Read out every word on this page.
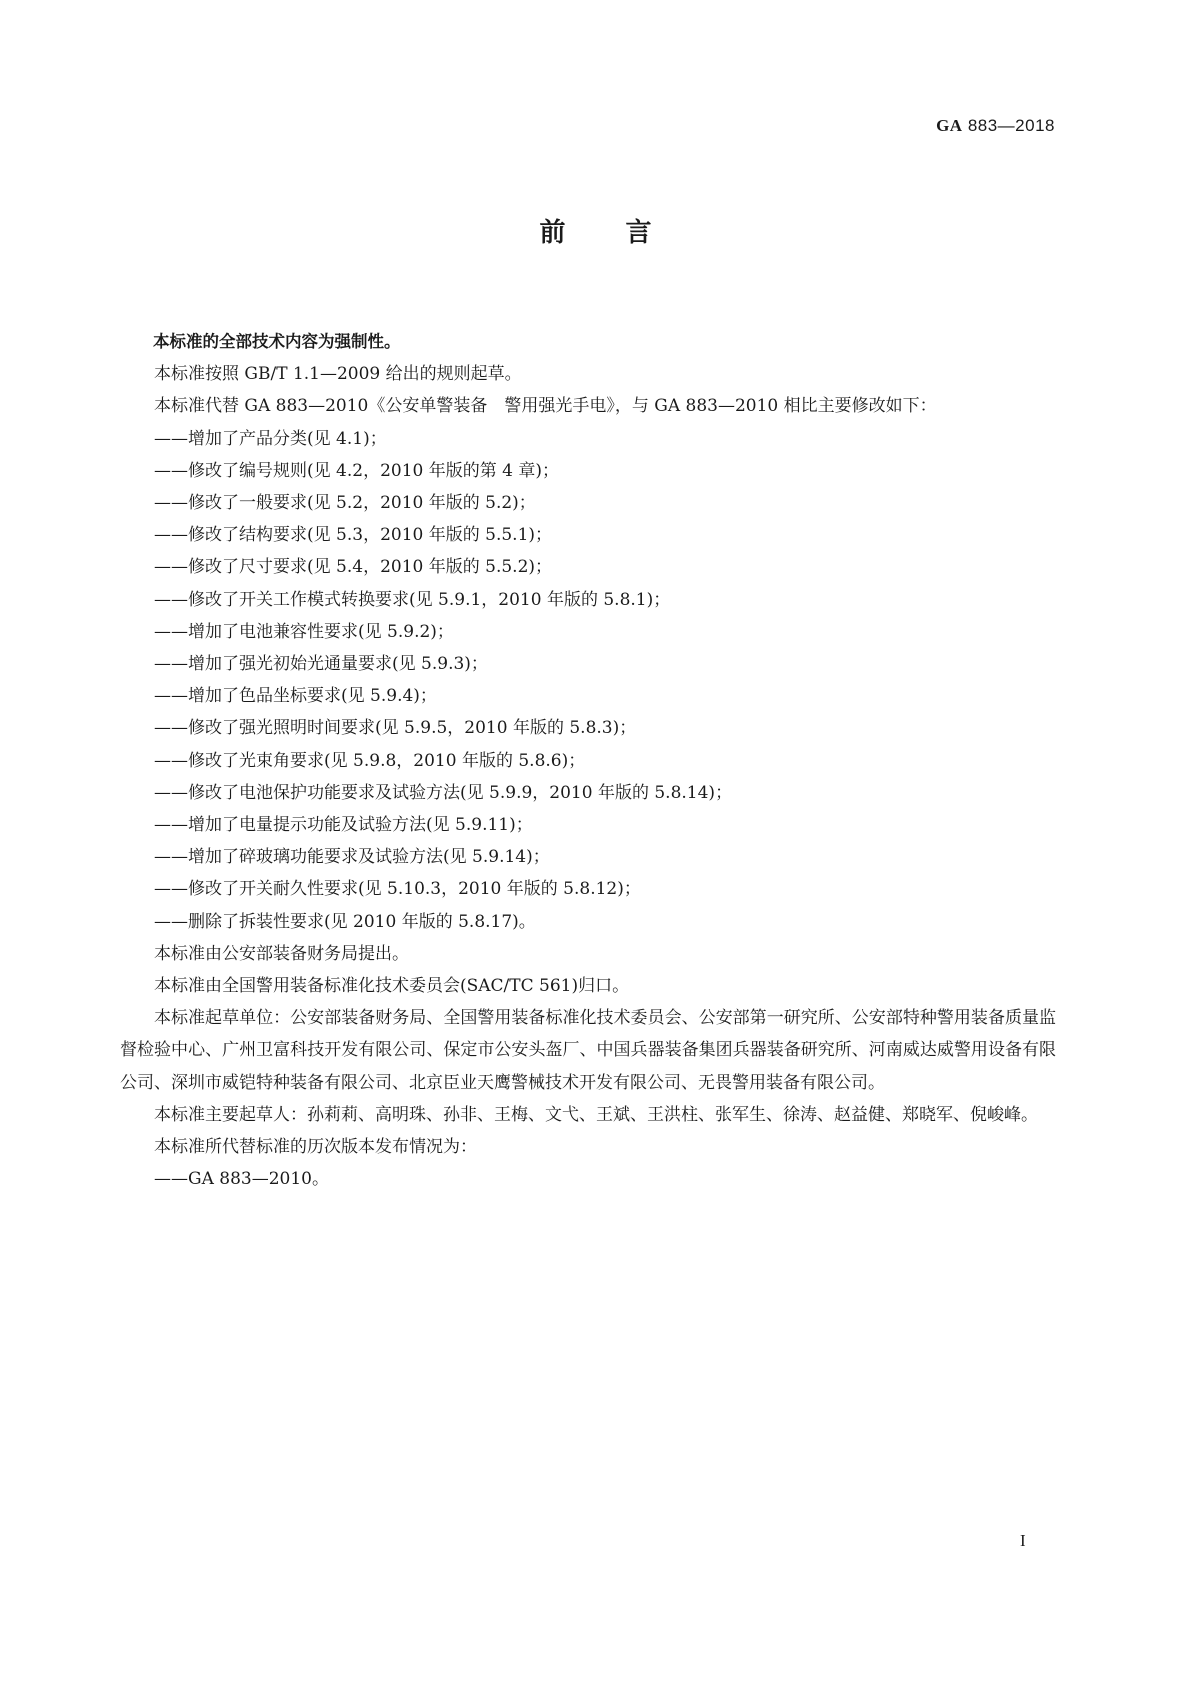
GA 883—2018
前言

本标准的全部技术内容为强制性。

本标准按照 GB/T 1.1—2009 给出的规则起草。

本标准代替 GA 883—2010《公安单警装备　警用强光手电》，与 GA 883—2010 相比主要修改如下：

——增加了产品分类(见 4.1)；

——修改了编号规则(见 4.2，2010 年版的第 4 章)；

——修改了一般要求(见 5.2，2010 年版的 5.2)；

——修改了结构要求(见 5.3，2010 年版的 5.5.1)；

——修改了尺寸要求(见 5.4，2010 年版的 5.5.2)；

——修改了开关工作模式转换要求(见 5.9.1，2010 年版的 5.8.1)；

——增加了电池兼容性要求(见 5.9.2)；

——增加了强光初始光通量要求(见 5.9.3)；

——增加了色品坐标要求(见 5.9.4)；

——修改了强光照明时间要求(见 5.9.5，2010 年版的 5.8.3)；

——修改了光束角要求(见 5.9.8，2010 年版的 5.8.6)；

——修改了电池保护功能要求及试验方法(见 5.9.9，2010 年版的 5.8.14)；

——增加了电量提示功能及试验方法(见 5.9.11)；

——增加了碎玻璃功能要求及试验方法(见 5.9.14)；

——修改了开关耐久性要求(见 5.10.3，2010 年版的 5.8.12)；

——删除了拆装性要求(见 2010 年版的 5.8.17)。

本标准由公安部装备财务局提出。

本标准由全国警用装备标准化技术委员会(SAC/TC 561)归口。

本标准起草单位：公安部装备财务局、全国警用装备标准化技术委员会、公安部第一研究所、公安部特种警用装备质量监督检验中心、广州卫富科技开发有限公司、保定市公安头盔厂、中国兵器装备集团兵器装备研究所、河南威达威警用设备有限公司、深圳市威铠特种装备有限公司、北京臣业天鹰警械技术开发有限公司、无畏警用装备有限公司。

本标准主要起草人：孙莉莉、高明珠、孙非、王梅、文弋、王斌、王洪柱、张军生、徐涛、赵益健、郑晓军、倪峻峰。

本标准所代替标准的历次版本发布情况为：

——GA 883—2010。

I
